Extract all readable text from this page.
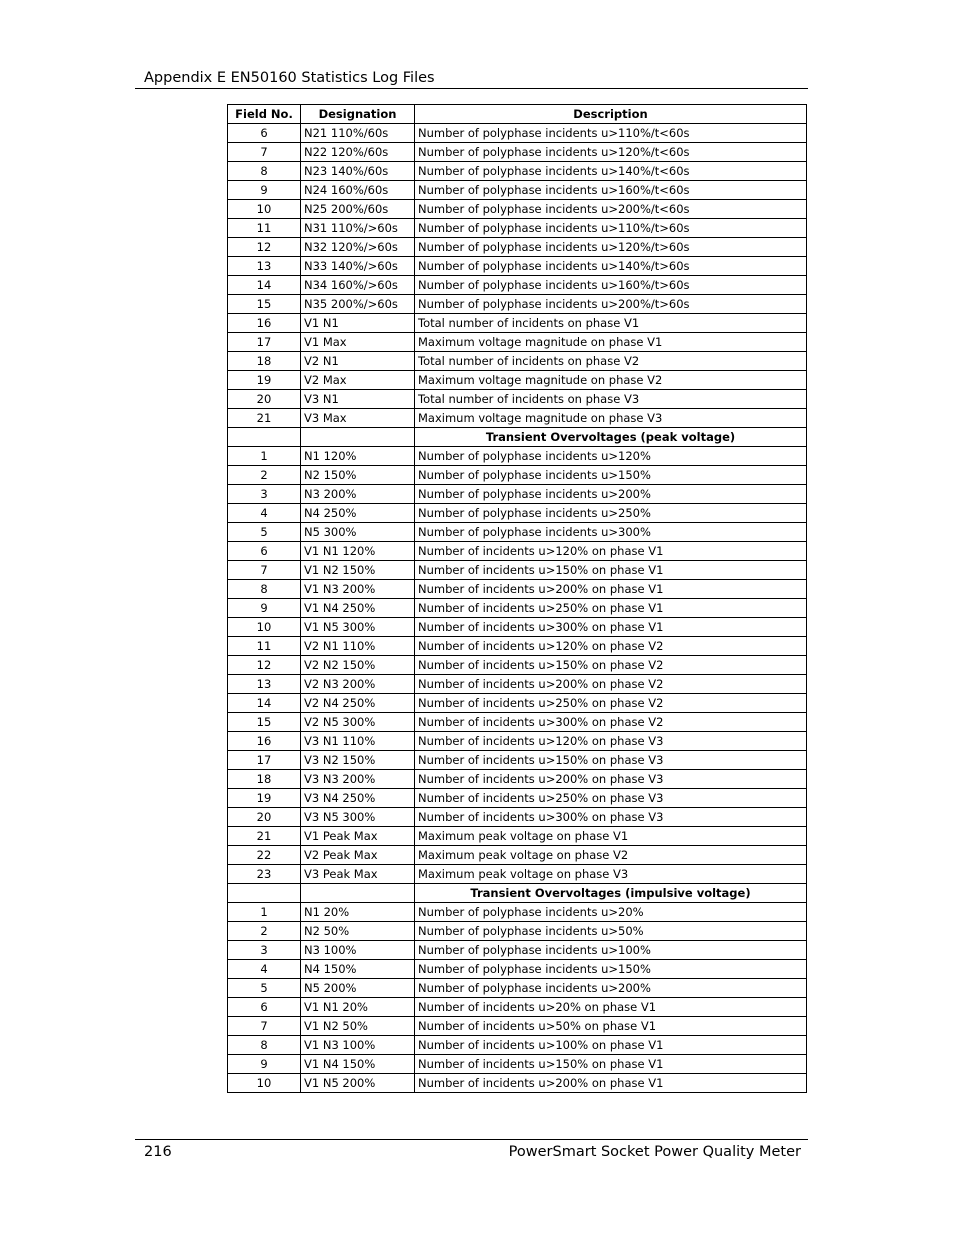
Appendix E EN50160 Statistics Log Files
Field No.	Designation	Description
6	N21 110%/60s	Number of polyphase incidents u>110%/t<60s
7	N22 120%/60s	Number of polyphase incidents u>120%/t<60s
8	N23 140%/60s	Number of polyphase incidents u>140%/t<60s
9	N24 160%/60s	Number of polyphase incidents u>160%/t<60s
10	N25 200%/60s	Number of polyphase incidents u>200%/t<60s
11	N31 110%/>60s	Number of polyphase incidents u>110%/t>60s
12	N32 120%/>60s	Number of polyphase incidents u>120%/t>60s
13	N33 140%/>60s	Number of polyphase incidents u>140%/t>60s
14	N34 160%/>60s	Number of polyphase incidents u>160%/t>60s
15	N35 200%/>60s	Number of polyphase incidents u>200%/t>60s
16	V1 N1	Total number of incidents on phase V1
17	V1 Max	Maximum voltage magnitude on phase V1
18	V2 N1	Total number of incidents on phase V2
19	V2 Max	Maximum voltage magnitude on phase V2
20	V3 N1	Total number of incidents on phase V3
21	V3 Max	Maximum voltage magnitude on phase V3
		Transient Overvoltages (peak voltage)
1	N1 120%	Number of polyphase incidents u>120%
2	N2 150%	Number of polyphase incidents u>150%
3	N3 200%	Number of polyphase incidents u>200%
4	N4 250%	Number of polyphase incidents u>250%
5	N5 300%	Number of polyphase incidents u>300%
6	V1 N1 120%	Number of incidents u>120% on phase V1
7	V1 N2 150%	Number of incidents u>150% on phase V1
8	V1 N3 200%	Number of incidents u>200% on phase V1
9	V1 N4 250%	Number of incidents u>250% on phase V1
10	V1 N5 300%	Number of incidents u>300% on phase V1
11	V2 N1 110%	Number of incidents u>120% on phase V2
12	V2 N2 150%	Number of incidents u>150% on phase V2
13	V2 N3 200%	Number of incidents u>200% on phase V2
14	V2 N4 250%	Number of incidents u>250% on phase V2
15	V2 N5 300%	Number of incidents u>300% on phase V2
16	V3 N1 110%	Number of incidents u>120% on phase V3
17	V3 N2 150%	Number of incidents u>150% on phase V3
18	V3 N3 200%	Number of incidents u>200% on phase V3
19	V3 N4 250%	Number of incidents u>250% on phase V3
20	V3 N5 300%	Number of incidents u>300% on phase V3
21	V1 Peak Max	Maximum peak voltage on phase V1
22	V2 Peak Max	Maximum peak voltage on phase V2
23	V3 Peak Max	Maximum peak voltage on phase V3
		Transient Overvoltages (impulsive voltage)
1	N1 20%	Number of polyphase incidents u>20%
2	N2 50%	Number of polyphase incidents u>50%
3	N3 100%	Number of polyphase incidents u>100%
4	N4 150%	Number of polyphase incidents u>150%
5	N5 200%	Number of polyphase incidents u>200%
6	V1 N1 20%	Number of incidents u>20% on phase V1
7	V1 N2 50%	Number of incidents u>50% on phase V1
8	V1 N3 100%	Number of incidents u>100% on phase V1
9	V1 N4 150%	Number of incidents u>150% on phase V1
10	V1 N5 200%	Number of incidents u>200% on phase V1
216	PowerSmart Socket Power Quality Meter
